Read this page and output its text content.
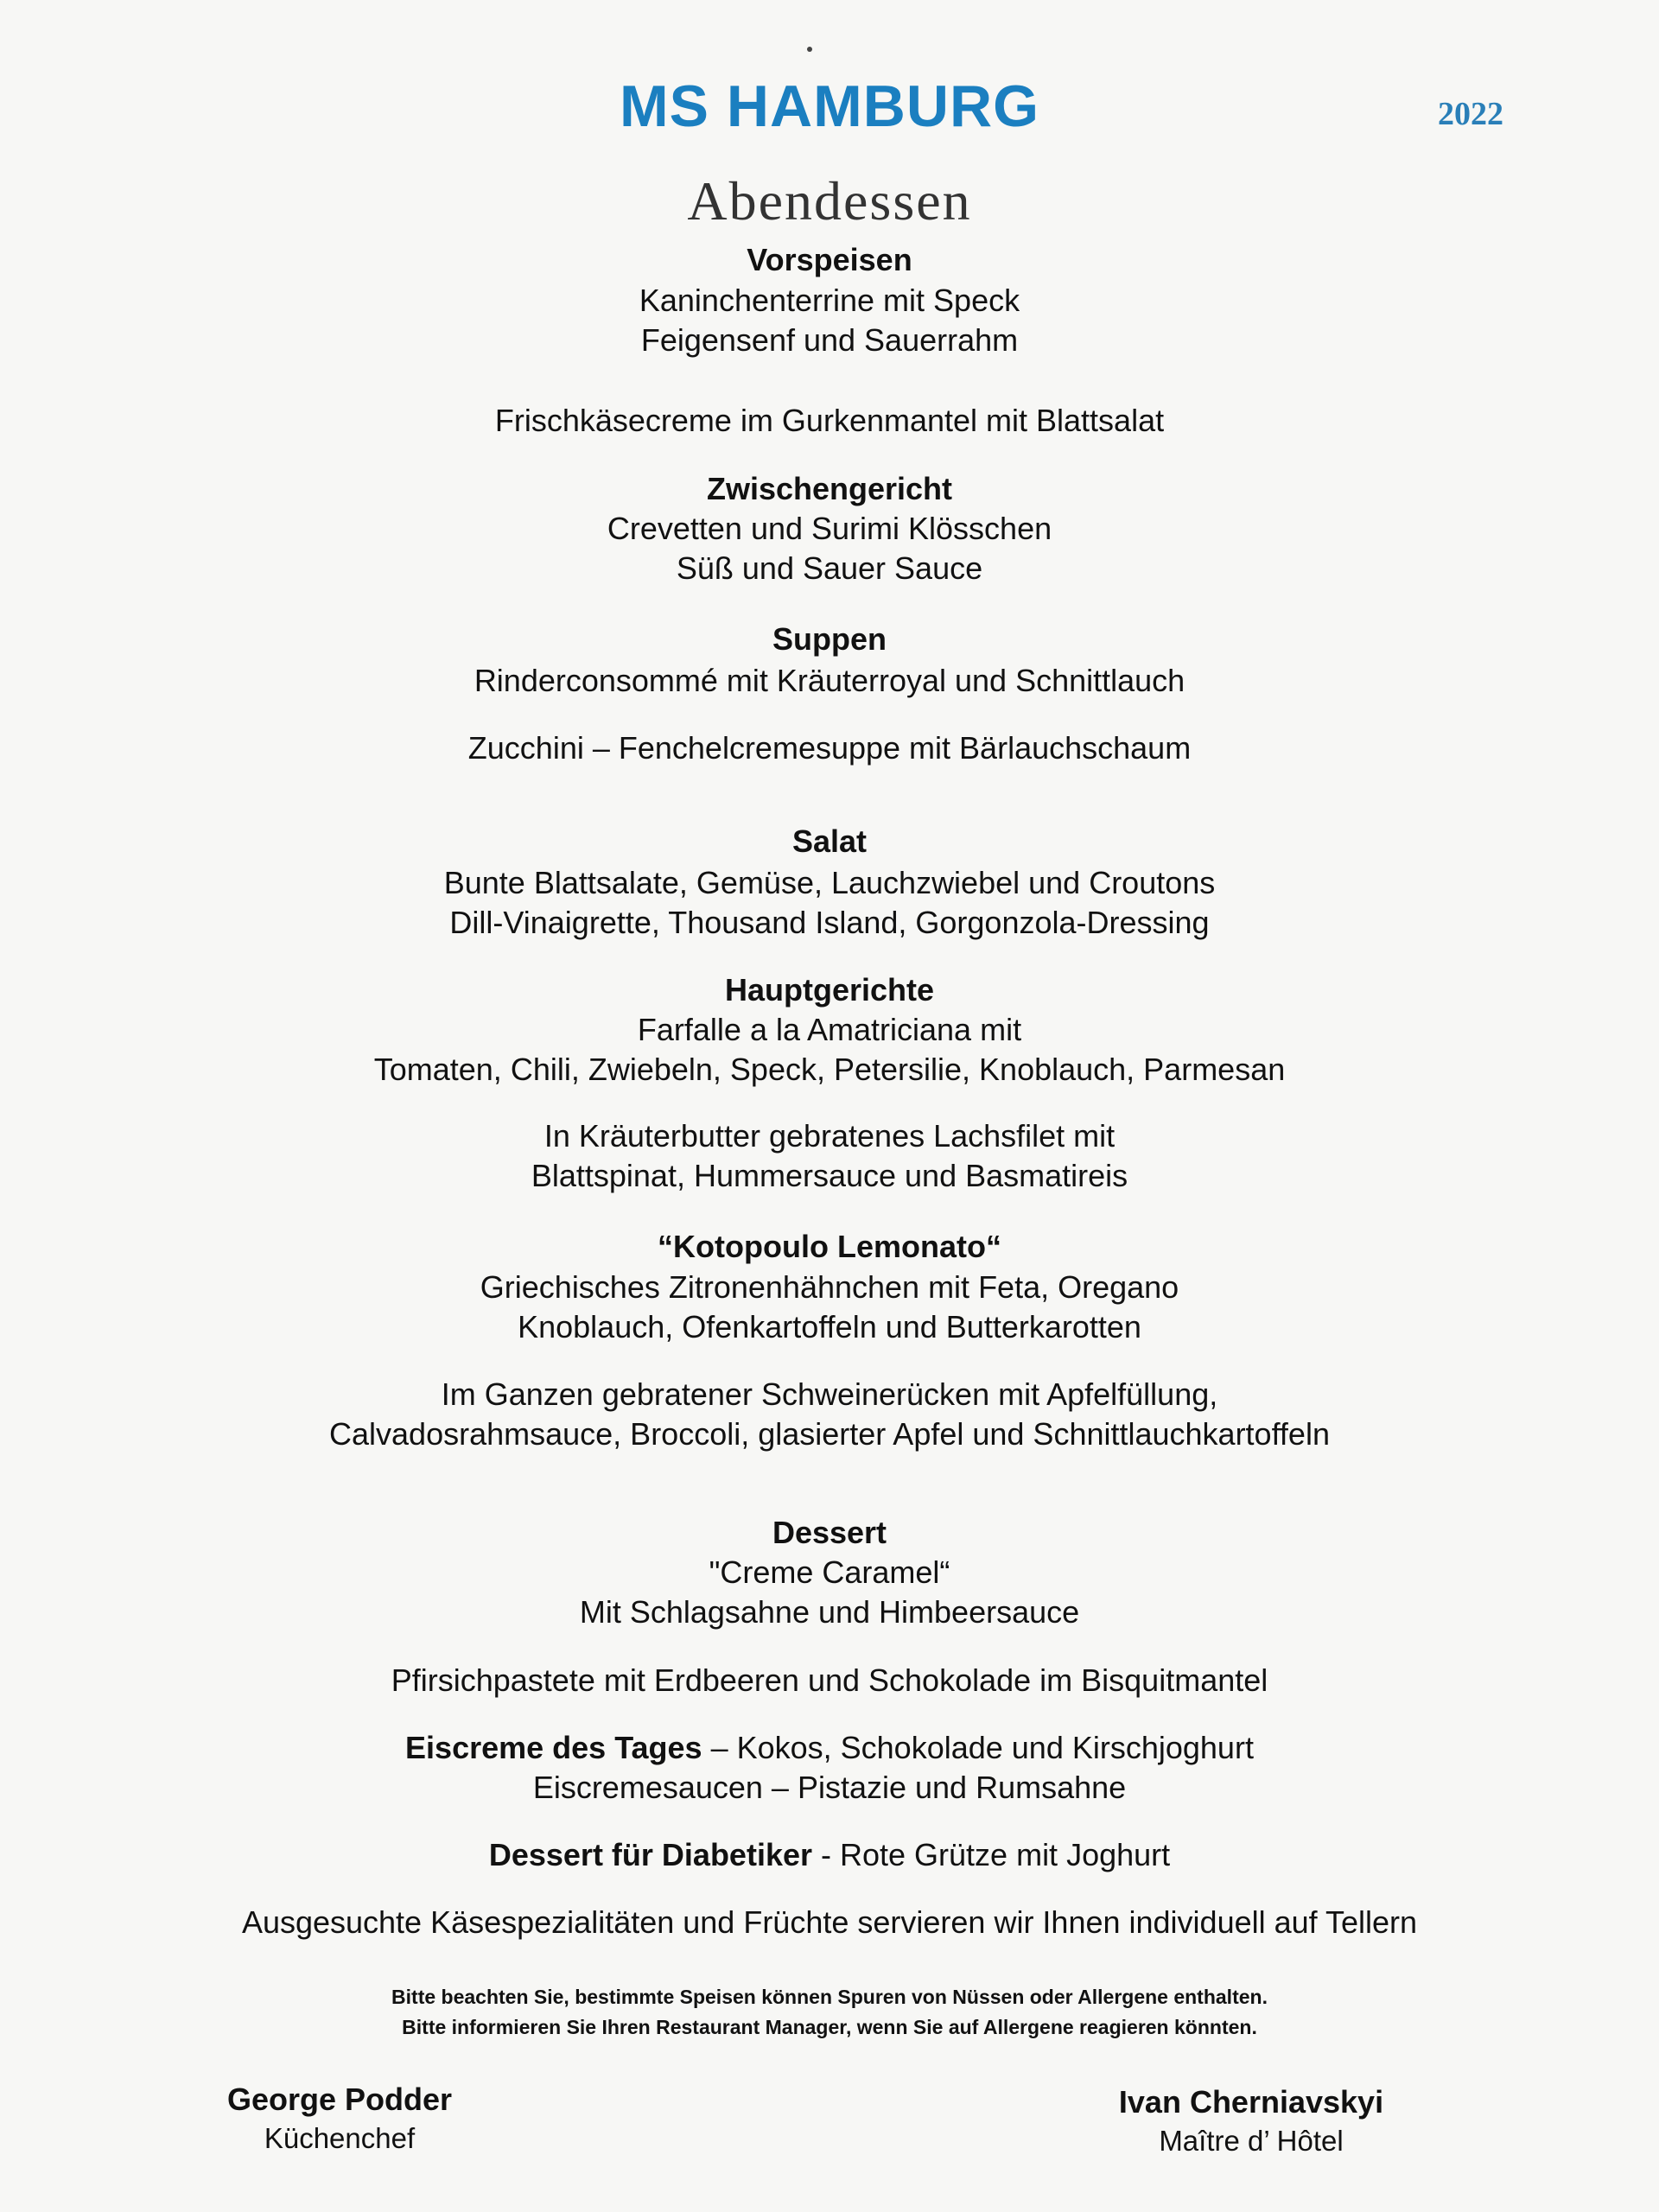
MS HAMBURG	2022
Abendessen
Vorspeisen
Kaninchenterrine mit Speck
Feigensenf und Sauerrahm
Frischkäsecreme im Gurkenmantel mit Blattsalat
Zwischengericht
Crevetten und Surimi Klösschen
Süß und Sauer Sauce
Suppen
Rinderconsommé mit Kräuterroyal und Schnittlauch
Zucchini – Fenchelcremesuppe mit Bärlauchschaum
Salat
Bunte Blattsalate, Gemüse, Lauchzwiebel und Croutons
Dill-Vinaigrette, Thousand Island, Gorgonzola-Dressing
Hauptgerichte
Farfalle a la Amatriciana mit
Tomaten, Chili, Zwiebeln, Speck, Petersilie, Knoblauch, Parmesan
In Kräuterbutter gebratenes Lachsfilet mit
Blattspinat, Hummersauce und Basmatireis
“Kotopoulo Lemonato“
Griechisches Zitronenhähnchen mit Feta, Oregano
Knoblauch, Ofenkartoffeln und Butterkarotten
Im Ganzen gebratener Schweinerücken mit Apfelfüllung,
Calvadosrahmsauce, Broccoli, glasierter Apfel und Schnittlauchkartoffeln
Dessert
"Creme Caramel“
Mit Schlagsahne und Himbeersauce
Pfirsichpastete mit Erdbeeren und Schokolade im Bisquitmantel
Eiscreme des Tages – Kokos, Schokolade und Kirschjoghurt
Eiscremesaucen – Pistazie und Rumsahne
Dessert für Diabetiker - Rote Grütze mit Joghurt
Ausgesuchte Käsespezialitäten und Früchte servieren wir Ihnen individuell auf Tellern
Bitte beachten Sie, bestimmte Speisen können Spuren von Nüssen oder Allergene enthalten.
Bitte informieren Sie Ihren Restaurant Manager, wenn Sie auf Allergene reagieren könnten.
George Podder
Küchenchef
Ivan Cherniavskyi
Maître d’ Hôtel
